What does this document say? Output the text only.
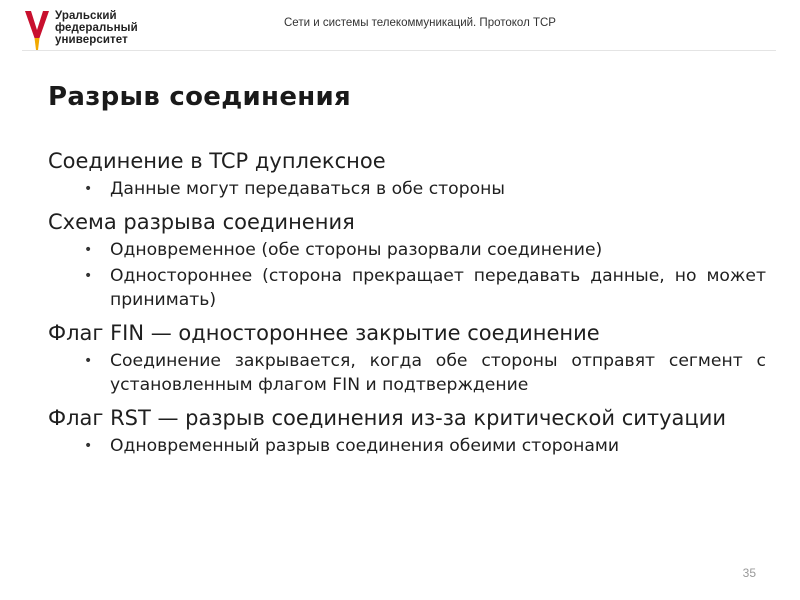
Уральский
федеральный
университет
Сети и системы телекоммуникаций. Протокол TCP
Разрыв соединения
Соединение в TCP дуплексное
• Данные могут передаваться в обе стороны
Схема разрыва соединения
• Одновременное (обе стороны разорвали соединение)
• Одностороннее (сторона прекращает передавать данные, но может принимать)
Флаг FIN — одностороннее закрытие соединение
• Соединение закрывается, когда обе стороны отправят сегмент с установленным флагом FIN и подтверждение
Флаг RST — разрыв соединения из-за критической ситуации
• Одновременный разрыв соединения обеими сторонами
35
